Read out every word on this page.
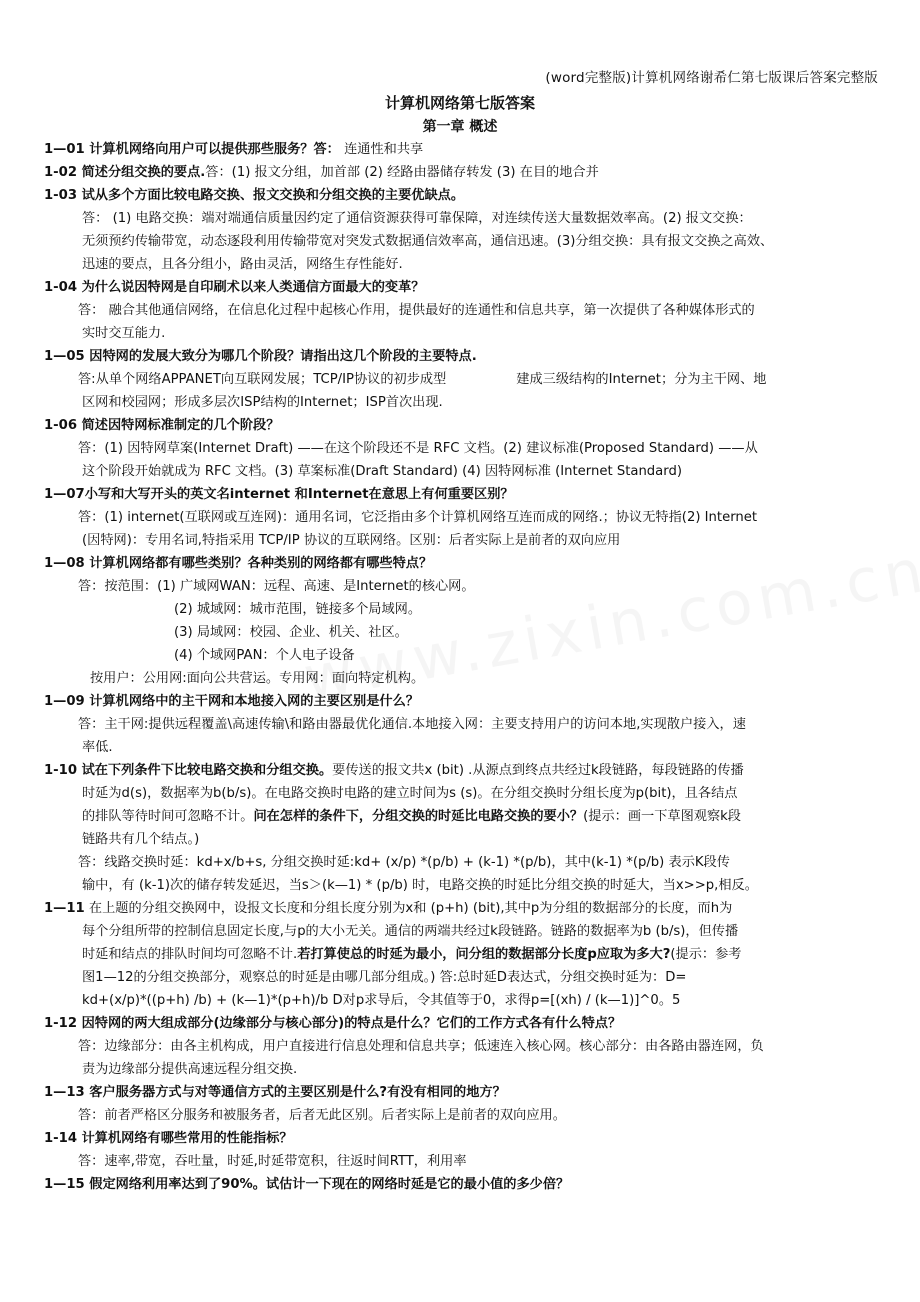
(word完整版)计算机网络谢希仁第七版课后答案完整版
计算机网络第七版答案
第一章 概述
1—01 计算机网络向用户可以提供那些服务？答： 连通性和共享
1-02 简述分组交换的要点.答：(1) 报文分组，加首部 (2) 经路由器储存转发 (3) 在目的地合并
1-03 试从多个方面比较电路交换、报文交换和分组交换的主要优缺点。
答： (1) 电路交换：端对端通信质量因约定了通信资源获得可靠保障，对连续传送大量数据效率高。(2) 报文交换：
无须预约传输带宽，动态逐段利用传输带宽对突发式数据通信效率高，通信迅速。(3)分组交换：具有报文交换之高效、
迅速的要点，且各分组小，路由灵活，网络生存性能好.
1-04 为什么说因特网是自印刷术以来人类通信方面最大的变革？
答： 融合其他通信网络，在信息化过程中起核心作用，提供最好的连通性和信息共享，第一次提供了各种媒体形式的
实时交互能力.
1—05 因特网的发展大致分为哪几个阶段？请指出这几个阶段的主要特点.
答:从单个网络APPANET向互联网发展；TCP/IP协议的初步成型	建成三级结构的Internet；分为主干网、地
区网和校园网；形成多层次ISP结构的Internet；ISP首次出现.
1-06 简述因特网标准制定的几个阶段？
答：(1) 因特网草案(Internet Draft) ——在这个阶段还不是 RFC 文档。(2) 建议标准(Proposed Standard) ——从
这个阶段开始就成为 RFC 文档。(3) 草案标准(Draft Standard) (4) 因特网标准 (Internet Standard)
1—07小写和大写开头的英文名internet 和Internet在意思上有何重要区别？
答：(1) internet(互联网或互连网)：通用名词，它泛指由多个计算机网络互连而成的网络.；协议无特指(2) Internet
(因特网)：专用名词,特指采用 TCP/IP 协议的互联网络。区别：后者实际上是前者的双向应用
1—08 计算机网络都有哪些类别？各种类别的网络都有哪些特点？
答：按范围：(1) 广域网WAN：远程、高速、是Internet的核心网。
(2) 城域网：城市范围，链接多个局域网。
(3) 局域网：校园、企业、机关、社区。
(4) 个域网PAN：个人电子设备
按用户：公用网:面向公共营运。专用网：面向特定机构。
1—09 计算机网络中的主干网和本地接入网的主要区别是什么？
答：主干网:提供远程覆盖\高速传输\和路由器最优化通信.本地接入网：主要支持用户的访问本地,实现散户接入，速
率低.
1-10 试在下列条件下比较电路交换和分组交换。要传送的报文共x (bit) .从源点到终点共经过k段链路，每段链路的传播
时延为d(s)，数据率为b(b/s)。在电路交换时电路的建立时间为s (s)。在分组交换时分组长度为p(bit)，且各结点
的排队等待时间可忽略不计。问在怎样的条件下，分组交换的时延比电路交换的要小？(提示：画一下草图观察k段
链路共有几个结点。)
答：线路交换时延：kd+x/b+s, 分组交换时延:kd+ (x/p) *(p/b) + (k-1) *(p/b)，其中(k-1) *(p/b) 表示K段传
输中，有 (k-1)次的储存转发延迟，当s＞(k—1) * (p/b) 时，电路交换的时延比分组交换的时延大，当x>>p,相反。
1—11 在上题的分组交换网中，设报文长度和分组长度分别为x和 (p+h) (bit),其中p为分组的数据部分的长度，而h为
每个分组所带的控制信息固定长度,与p的大小无关。通信的两端共经过k段链路。链路的数据率为b (b/s)，但传播
时延和结点的排队时间均可忽略不计.若打算使总的时延为最小，问分组的数据部分长度p应取为多大?(提示：参考
图1—12的分组交换部分，观察总的时延是由哪几部分组成。) 答:总时延D表达式，分组交换时延为：D=
kd+(x/p)*((p+h) /b) + (k—1)*(p+h)/b D对p求导后，令其值等于0，求得p=[(xh) / (k—1)]^0。5
1-12 因特网的两大组成部分(边缘部分与核心部分)的特点是什么？它们的工作方式各有什么特点？
答：边缘部分：由各主机构成，用户直接进行信息处理和信息共享；低速连入核心网。核心部分：由各路由器连网，负
责为边缘部分提供高速远程分组交换.
1—13 客户服务器方式与对等通信方式的主要区别是什么?有没有相同的地方？
答：前者严格区分服务和被服务者，后者无此区别。后者实际上是前者的双向应用。
1-14 计算机网络有哪些常用的性能指标？
答：速率,带宽，吞吐量，时延,时延带宽积，往返时间RTT，利用率
1—15 假定网络利用率达到了90%。试估计一下现在的网络时延是它的最小值的多少倍？
